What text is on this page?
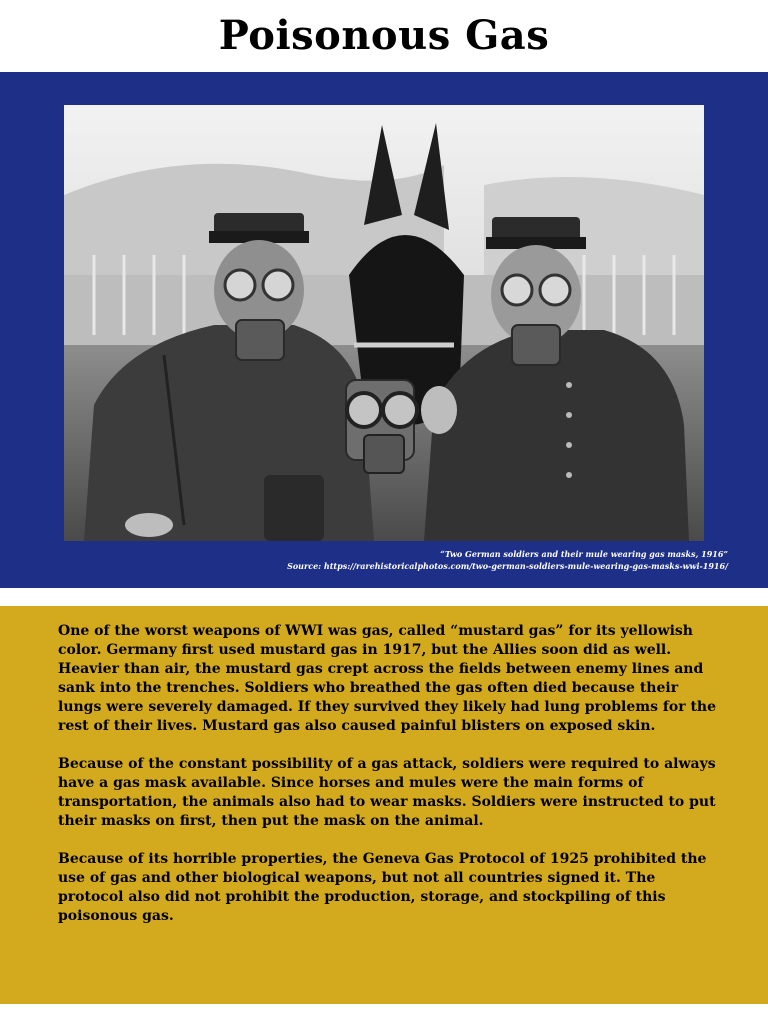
Poisonous Gas
“Two German soldiers and their mule wearing gas masks, 1916”
Source: https://rarehistoricalphotos.com/two-german-soldiers-mule-wearing-gas-masks-wwi-1916/

One of the worst weapons of WWI was gas, called “mustard gas” for its yellowish color. Germany first used mustard gas in 1917, but the Allies soon did as well. Heavier than air, the mustard gas crept across the fields between enemy lines and sank into the trenches. Soldiers who breathed the gas often died because their lungs were severely damaged. If they survived they likely had lung problems for the rest of their lives. Mustard gas also caused painful blisters on exposed skin.

Because of the constant possibility of a gas attack, soldiers were required to always have a gas mask available. Since horses and mules were the main forms of transportation, the animals also had to wear masks. Soldiers were instructed to put their masks on first, then put the mask on the animal.

Because of its horrible properties, the Geneva Gas Protocol of 1925 prohibited the use of gas and other biological weapons, but not all countries signed it. The protocol also did not prohibit the production, storage, and stockpiling of this poisonous gas.
